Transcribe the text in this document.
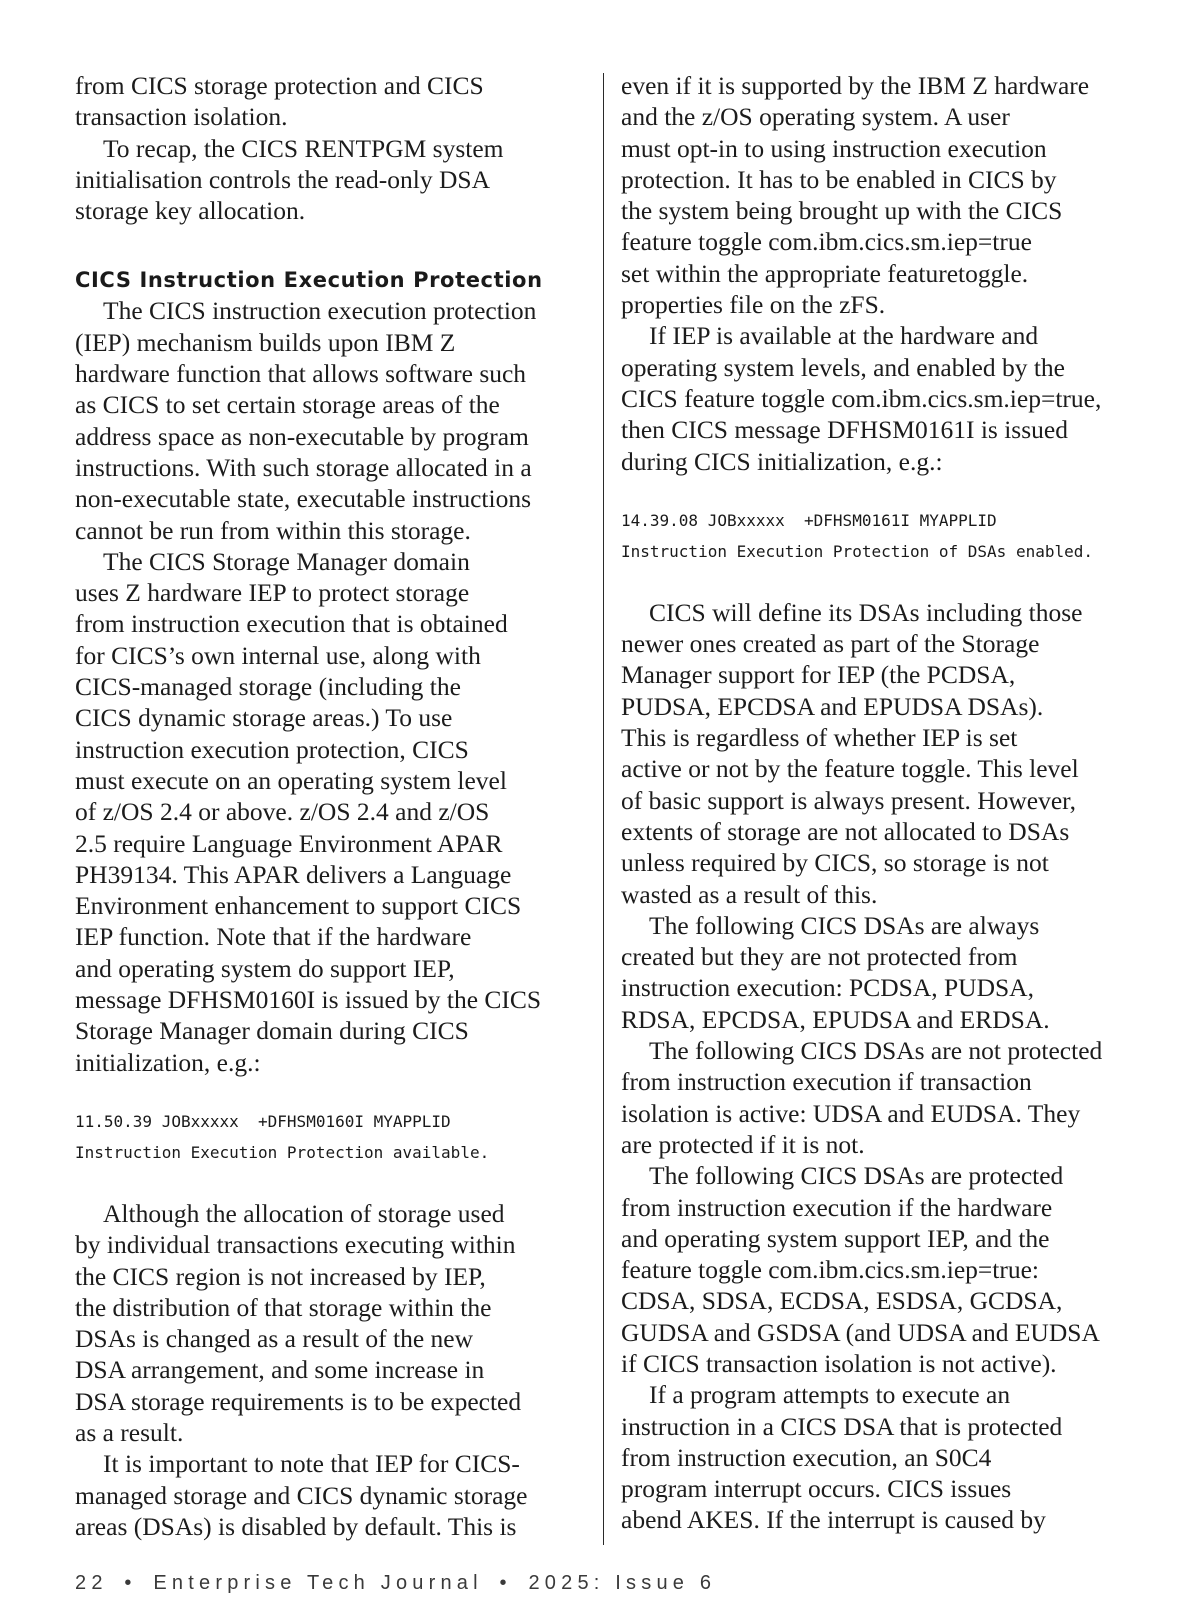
from CICS storage protection and CICS
transaction isolation.

To recap, the CICS RENTPGM system
initialisation controls the read-only DSA
storage key allocation.

CICS Instruction Execution Protection

The CICS instruction execution protection
(IEP) mechanism builds upon IBM Z
hardware function that allows software such
as CICS to set certain storage areas of the
address space as non-executable by program
instructions. With such storage allocated in a
non-executable state, executable instructions
cannot be run from within this storage.

The CICS Storage Manager domain
uses Z hardware IEP to protect storage
from instruction execution that is obtained
for CICS’s own internal use, along with
CICS-managed storage (including the
CICS dynamic storage areas.) To use
instruction execution protection, CICS
must execute on an operating system level
of z/OS 2.4 or above. z/OS 2.4 and z/OS
2.5 require Language Environment APAR
PH39134. This APAR delivers a Language
Environment enhancement to support CICS
IEP function. Note that if the hardware
and operating system do support IEP,
message DFHSM0160I is issued by the CICS
Storage Manager domain during CICS
initialization, e.g.:

11.50.39 JOBxxxxx  +DFHSM0160I MYAPPLID
Instruction Execution Protection available.

Although the allocation of storage used
by individual transactions executing within
the CICS region is not increased by IEP,
the distribution of that storage within the
DSAs is changed as a result of the new
DSA arrangement, and some increase in
DSA storage requirements is to be expected
as a result.

It is important to note that IEP for CICS-
managed storage and CICS dynamic storage
areas (DSAs) is disabled by default. This is

even if it is supported by the IBM Z hardware
and the z/OS operating system. A user
must opt-in to using instruction execution
protection. It has to be enabled in CICS by
the system being brought up with the CICS
feature toggle com.ibm.cics.sm.iep=true
set within the appropriate featuretoggle.
properties file on the zFS.

If IEP is available at the hardware and
operating system levels, and enabled by the
CICS feature toggle com.ibm.cics.sm.iep=true,
then CICS message DFHSM0161I is issued
during CICS initialization, e.g.:

14.39.08 JOBxxxxx  +DFHSM0161I MYAPPLID
Instruction Execution Protection of DSAs enabled.

CICS will define its DSAs including those
newer ones created as part of the Storage
Manager support for IEP (the PCDSA,
PUDSA, EPCDSA and EPUDSA DSAs).
This is regardless of whether IEP is set
active or not by the feature toggle. This level
of basic support is always present. However,
extents of storage are not allocated to DSAs
unless required by CICS, so storage is not
wasted as a result of this.

The following CICS DSAs are always
created but they are not protected from
instruction execution: PCDSA, PUDSA,
RDSA, EPCDSA, EPUDSA and ERDSA.

The following CICS DSAs are not protected
from instruction execution if transaction
isolation is active: UDSA and EUDSA. They
are protected if it is not.

The following CICS DSAs are protected
from instruction execution if the hardware
and operating system support IEP, and the
feature toggle com.ibm.cics.sm.iep=true:
CDSA, SDSA, ECDSA, ESDSA, GCDSA,
GUDSA and GSDSA (and UDSA and EUDSA
if CICS transaction isolation is not active).

If a program attempts to execute an
instruction in a CICS DSA that is protected
from instruction execution, an S0C4
program interrupt occurs. CICS issues
abend AKES. If the interrupt is caused by

22 • Enterprise Tech Journal • 2025: Issue 6
